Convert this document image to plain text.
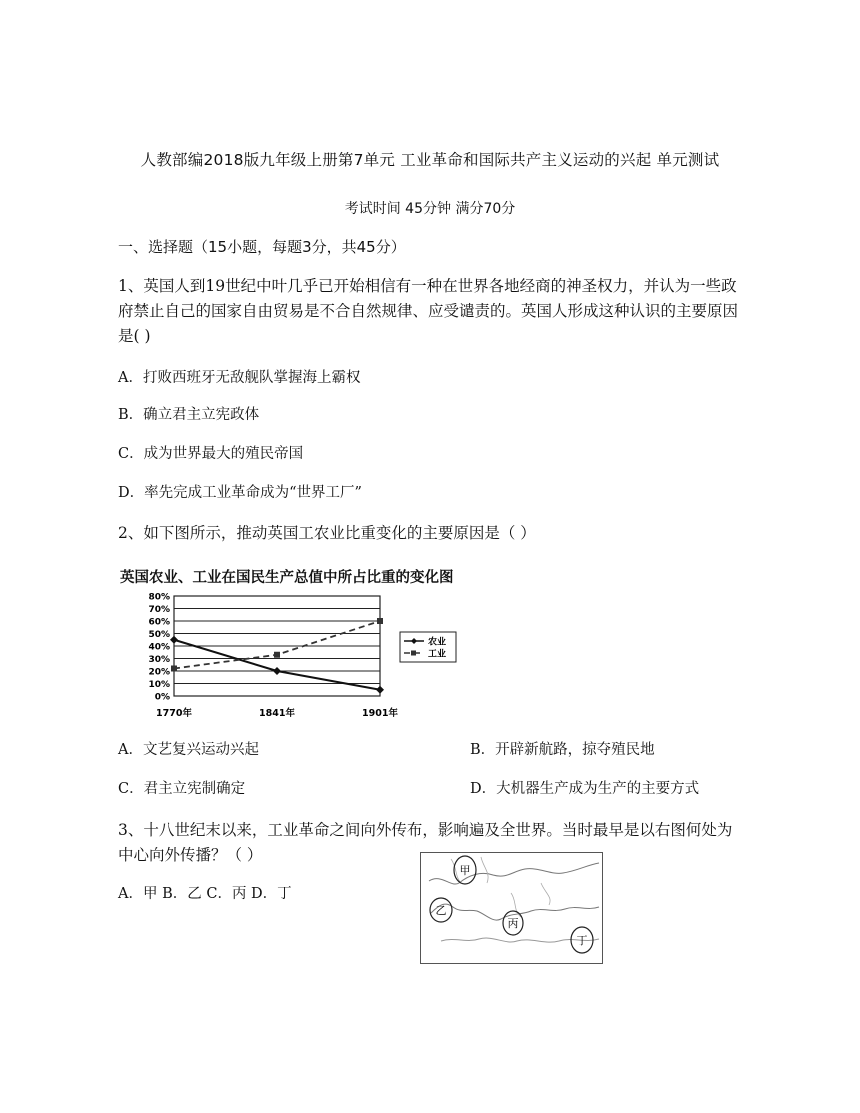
人教部编2018版九年级上册第7单元 工业革命和国际共产主义运动的兴起 单元测试
考试时间 45分钟 满分70分
一、选择题（15小题，每题3分，共45分）
1、英国人到19世纪中叶几乎已开始相信有一种在世界各地经商的神圣权力，并认为一些政府禁止自己的国家自由贸易是不合自然规律、应受谴责的。英国人形成这种认识的主要原因是( )
A．打败西班牙无敌舰队掌握海上霸权
B．确立君主立宪政体
C．成为世界最大的殖民帝国
D．率先完成工业革命成为“世界工厂”
2、如下图所示，推动英国工农业比重变化的主要原因是（ ）
英国农业、工业在国民生产总值中所占比重的变化图
0%
10%
20%
30%
40%
50%
60%
70%
80%
1770年	1841年	1901年
农业
工业
A．文艺复兴运动兴起	B．开辟新航路，掠夺殖民地
C．君主立宪制确定	D．大机器生产成为生产的主要方式
3、十八世纪末以来，工业革命之间向外传布，影响遍及全世界。当时最早是以右图何处为中心向外传播？（ ）
A．甲 B．乙 C．丙 D．丁
甲
乙
丙
丁
